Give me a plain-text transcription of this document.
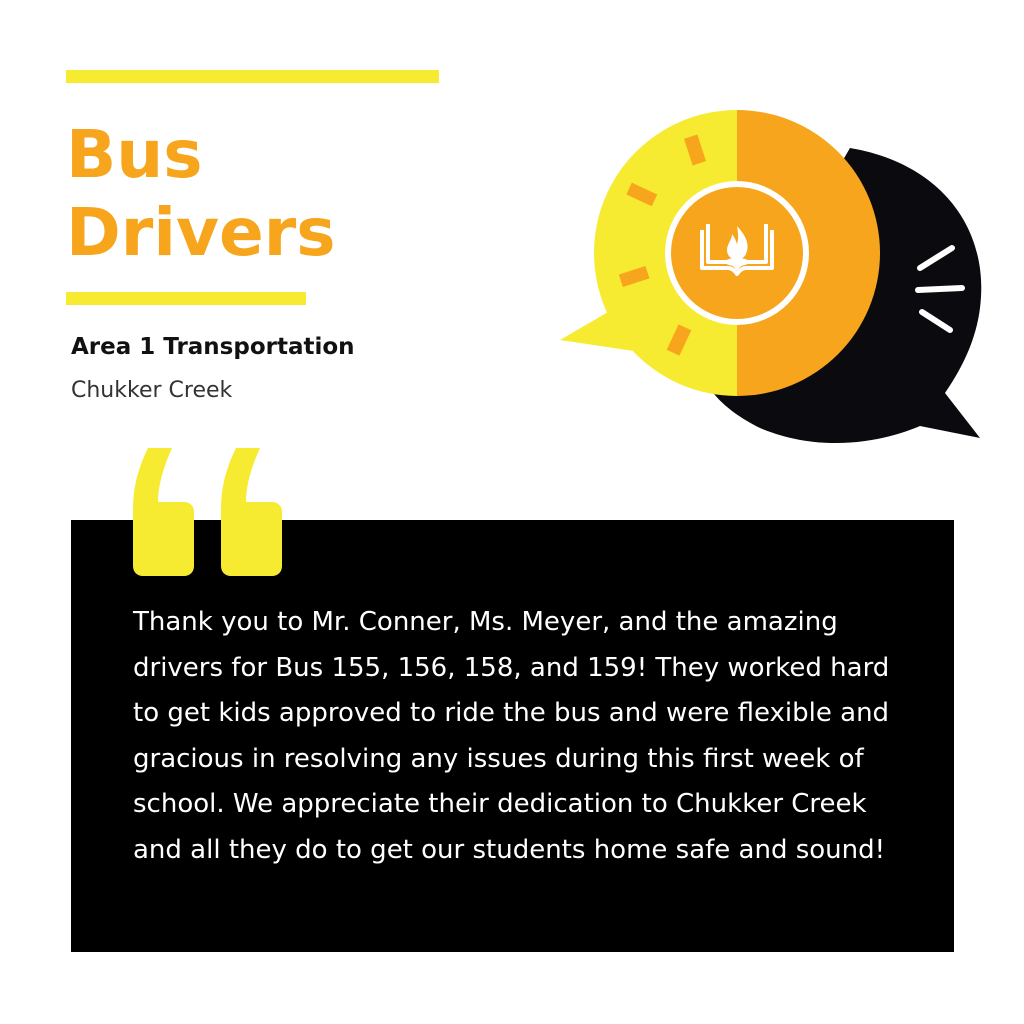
Bus
Drivers

Area 1 Transportation

Chukker Creek

Thank you to Mr. Conner, Ms. Meyer, and the amazing drivers for Bus 155, 156, 158, and 159! They worked hard to get kids approved to ride the bus and were flexible and gracious in resolving any issues during this first week of school. We appreciate their dedication to Chukker Creek and all they do to get our students home safe and sound!
